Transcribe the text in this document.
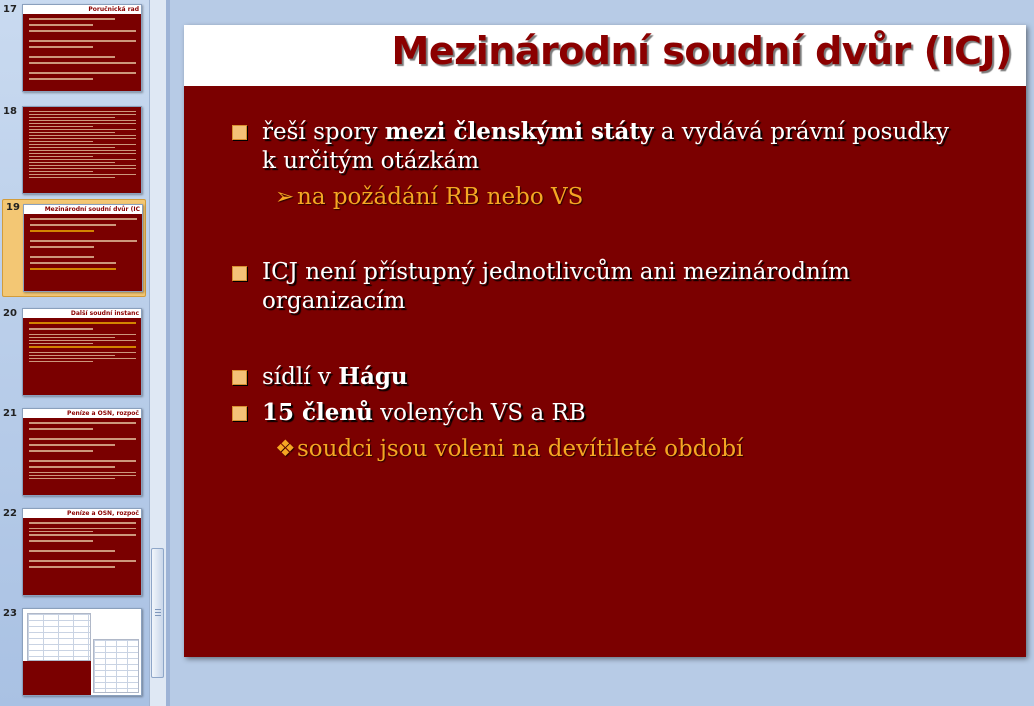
17	Poručnická rad
18
19	Mezinárodní soudní dvůr (IC
20	Další soudní instanc
21	Peníze a OSN, rozpoč
22	Peníze a OSN, rozpoč
23
Mezinárodní soudní dvůr (ICJ)
řeší spory mezi členskými státy a vydává právní posudky k určitým otázkám
➢ na požádání RB nebo VS
ICJ není přístupný jednotlivcům ani mezinárodním organizacím
sídlí v Hágu
15 členů volených VS a RB
❖soudci jsou voleni na devítileté období
